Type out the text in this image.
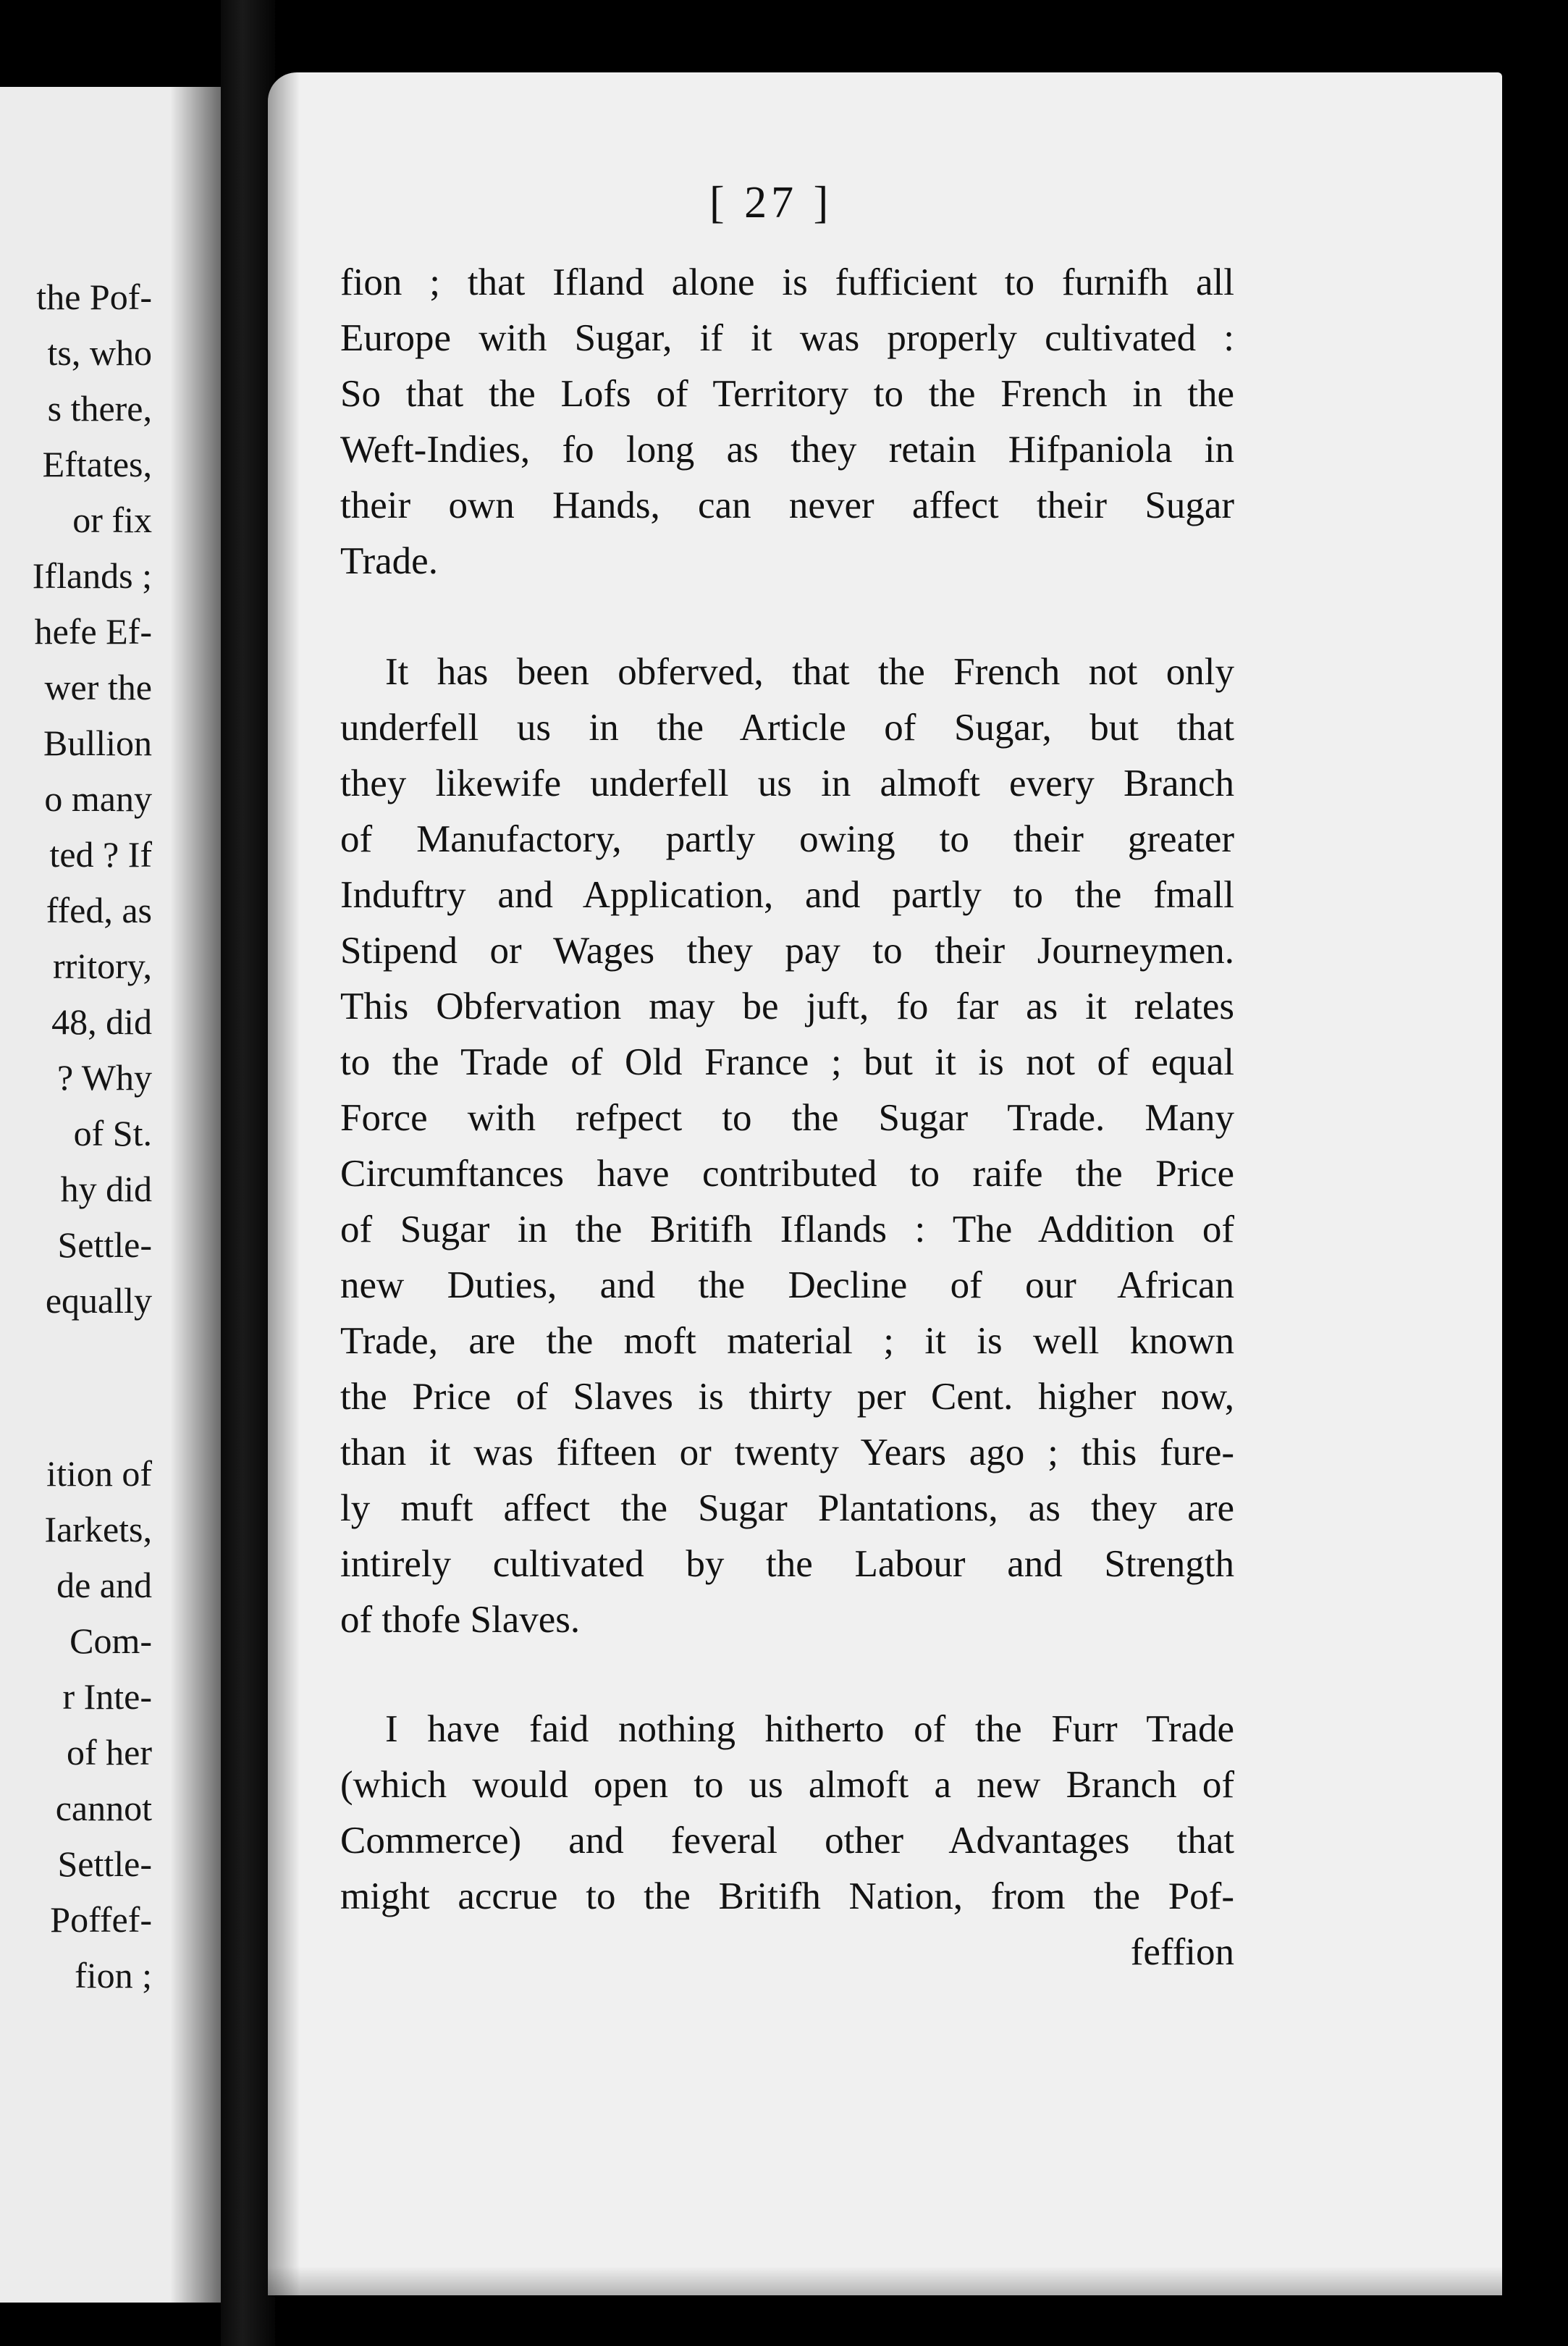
the Pof-
ts, who
s there,
Eftates,
or fix
Iflands ;
hefe Ef-
wer the
Bullion
o many
ted ? If
ffed, as
rritory,
48, did
? Why
of St.
hy did
Settle-
equally
ition of
Iarkets,
de and
Com-
r Inte-
of her
cannot
Settle-
Poffef-
fion ;
[ 27 ]
fion ; that Ifland alone is fufficient to furnifh all
Europe with Sugar, if it was properly cultivated :
So that the Lofs of Territory to the French in the
Weft-Indies, fo long as they retain Hifpaniola in
their own Hands, can never affect their Sugar
Trade.
It has been obferved, that the French not only
underfell us in the Article of Sugar, but that
they likewife underfell us in almoft every Branch
of Manufactory, partly owing to their greater
Induftry and Application, and partly to the fmall
Stipend or Wages they pay to their Journeymen.
This Obfervation may be juft, fo far as it relates
to the Trade of Old France ; but it is not of equal
Force with refpect to the Sugar Trade. Many
Circumftances have contributed to raife the Price
of Sugar in the Britifh Iflands : The Addition of
new Duties, and the Decline of our African
Trade, are the moft material ; it is well known
the Price of Slaves is thirty per Cent. higher now,
than it was fifteen or twenty Years ago ; this fure-
ly muft affect the Sugar Plantations, as they are
intirely cultivated by the Labour and Strength
of thofe Slaves.
I have faid nothing hitherto of the Furr Trade
(which would open to us almoft a new Branch of
Commerce) and feveral other Advantages that
might accrue to the Britifh Nation, from the Pof-
feffion
